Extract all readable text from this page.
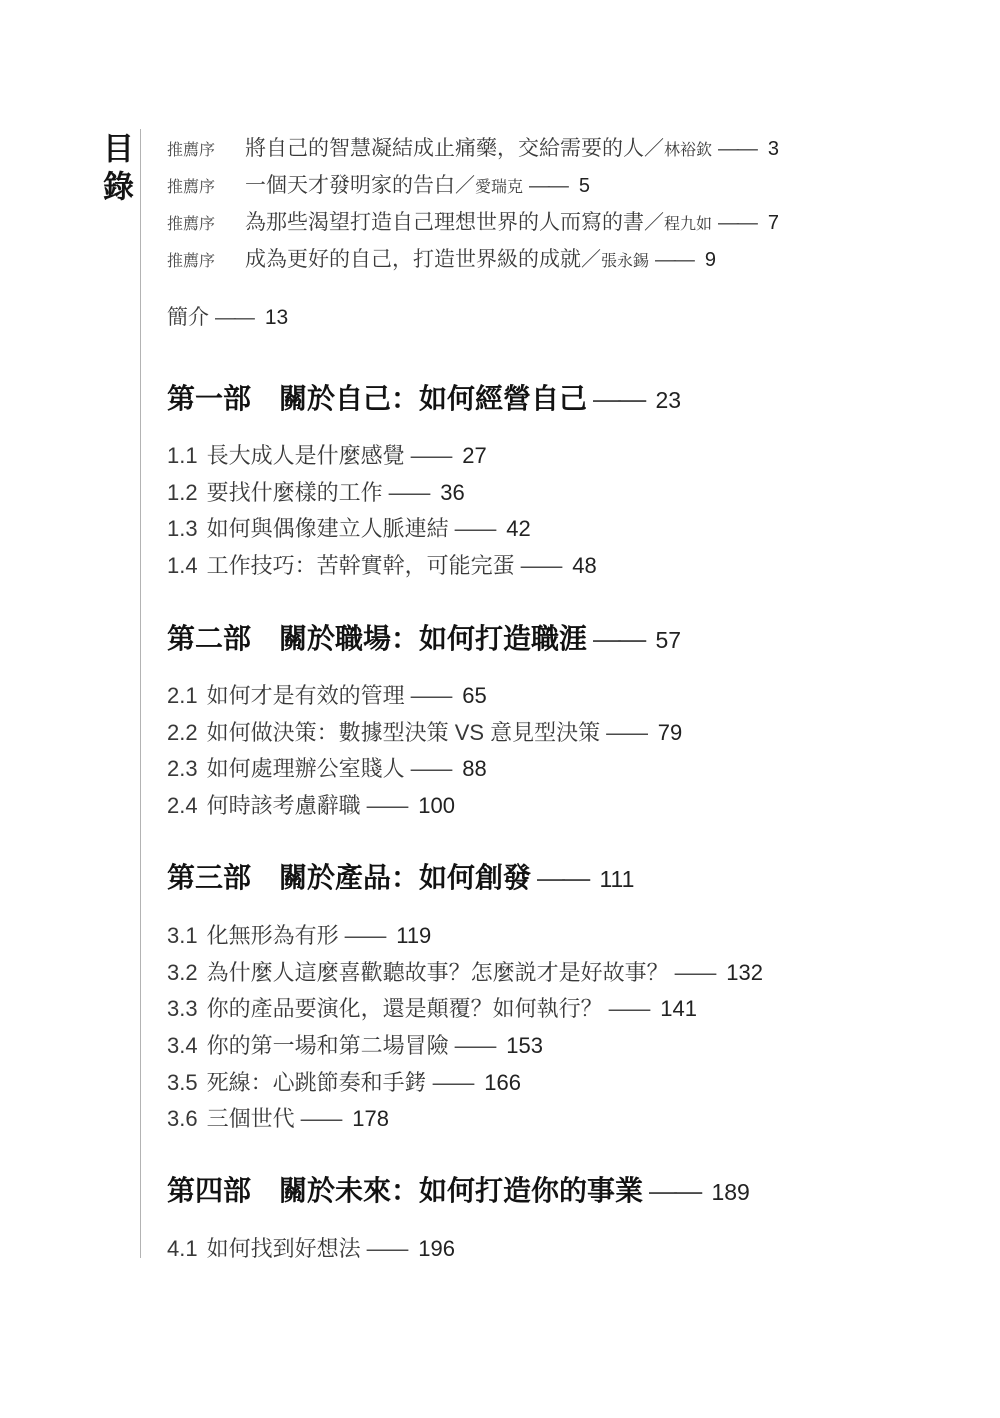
目錄 推薦序 將自己的智慧凝結成止痛藥，交給需要的人／林裕欽 —— 3
推薦序 一個天才發明家的告白／愛瑞克 —— 5
推薦序 為那些渴望打造自己理想世界的人而寫的書／程九如 —— 7
推薦序 成為更好的自己，打造世界級的成就／張永錫 —— 9
簡介 —— 13
第一部 關於自己：如何經營自己 —— 23
1.1 長大成人是什麼感覺 —— 27
1.2 要找什麼樣的工作 —— 36
1.3 如何與偶像建立人脈連結 —— 42
1.4 工作技巧：苦幹實幹，可能完蛋 —— 48
第二部 關於職場：如何打造職涯 —— 57
2.1 如何才是有效的管理 —— 65
2.2 如何做決策：數據型決策 VS 意見型決策 —— 79
2.3 如何處理辦公室賤人 —— 88
2.4 何時該考慮辭職 —— 100
第三部 關於產品：如何創發 —— 111
3.1 化無形為有形 —— 119
3.2 為什麼人這麼喜歡聽故事？怎麼説才是好故事？ —— 132
3.3 你的產品要演化，還是顛覆？如何執行？ —— 141
3.4 你的第一場和第二場冒險 —— 153
3.5 死線：心跳節奏和手銬 —— 166
3.6 三個世代 —— 178
第四部 關於未來：如何打造你的事業 —— 189
4.1 如何找到好想法 —— 196
